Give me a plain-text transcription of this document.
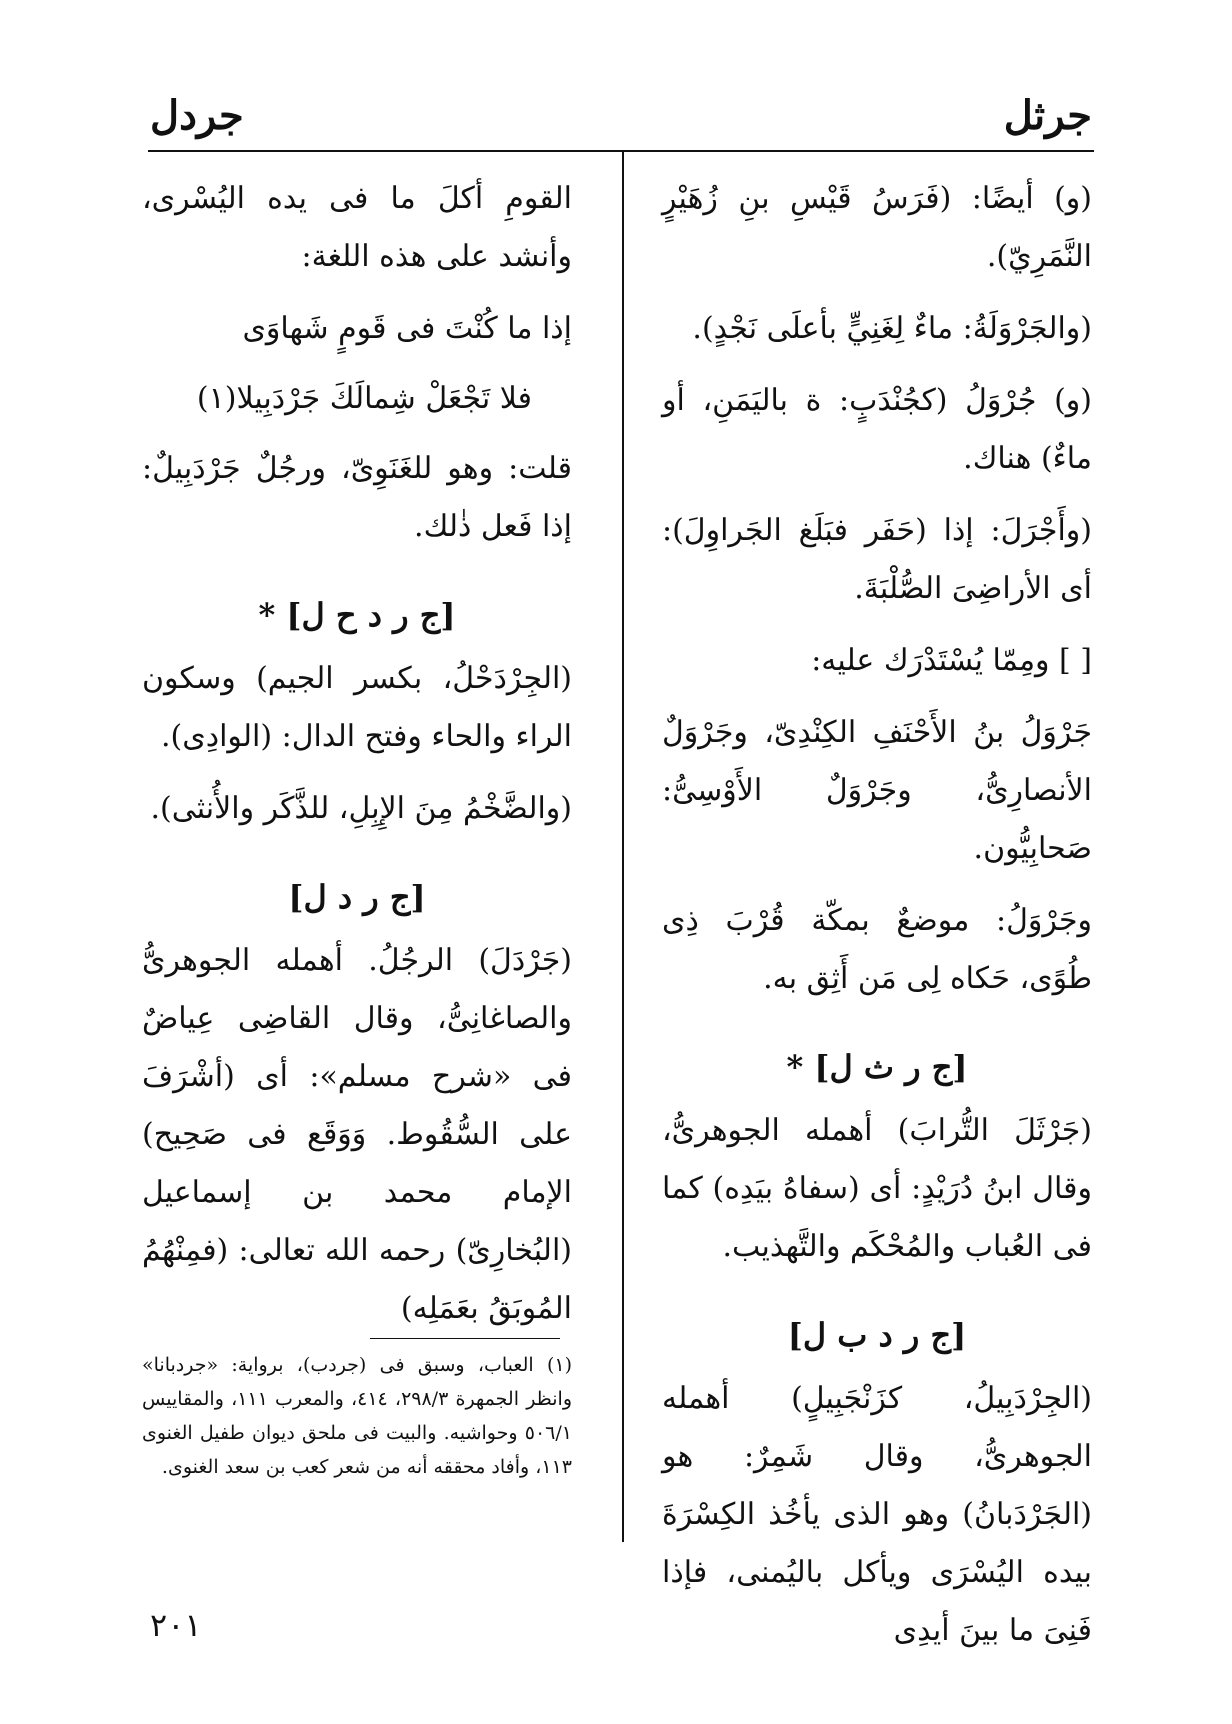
جرثل
جردل

(و) أيضًا: (فَرَسُ قَيْسِ بنِ زُهَيْرٍ النَّمَرِيّ).

(والجَرْوَلَةُ: ماءٌ لِغَنِيٍّ بأعلَى نَجْدٍ).

(و) جُرْوَلُ (كجُنْدَبٍ: ة باليَمَنِ، أو ماءٌ) هناك.

(وأَجْرَلَ: إذا (حَفَر فبَلَغ الجَراوِلَ): أى الأراضِىَ الصُّلْبَةَ.

[ ] ومِمّا يُسْتَدْرَك عليه:

جَرْوَلُ بنُ الأَحْنَفِ الكِنْدِىّ، وجَرْوَلٌ الأنصارِىُّ، وجَرْوَلٌ الأَوْسِىُّ: صَحابِيُّون.

وجَرْوَلُ: موضعٌ بمكّة قُرْبَ ذِى طُوًى، حَكاه لِى مَن أَثِق به.

[ج ر ث ل] *

(جَرْثَلَ التُّرابَ) أهمله الجوهرىُّ، وقال ابنُ دُرَيْدٍ: أى (سفاهُ بيَدِه) كما فى العُباب والمُحْكَم والتَّهذيب.

[ج ر د ب ل]

(الجِرْدَبِيلُ، كزَنْجَبِيلٍ) أهمله الجوهرىُّ، وقال شَمِرٌ: هو (الجَرْدَبانُ) وهو الذى يأخُذ الكِسْرَةَ بيده اليُسْرَى ويأكل باليُمنى، فإذا فَنِىَ ما بينَ أيدِى

القومِ أكلَ ما فى يده اليُسْرى، وأنشد على هذه اللغة:

إذا ما كُنْتَ فى قَومٍ شَهاوَى

فلا تَجْعَلْ شِمالَكَ جَرْدَبِيلا(١)

قلت: وهو للغَنَوِىّ، ورجُلٌ جَرْدَبِيلٌ: إذا فَعل ذٰلك.

[ج ر د ح ل] *

(الجِرْدَحْلُ، بكسر الجيم) وسكون الراء والحاء وفتح الدال: (الوادِى).

(والضَّخْمُ مِنَ الإِبِلِ، للذَّكَر والأُنثى).

[ج ر د ل]

(جَرْدَلَ) الرجُلُ. أهمله الجوهرىُّ والصاغانِىُّ، وقال القاضِى عِياضٌ فى «شرح مسلم»: أى (أشْرَفَ على السُّقُوط. وَوَقَع فى صَحِيح) الإمام محمد بن إسماعيل (البُخارِىّ) رحمه الله تعالى: (فمِنْهُمُ المُوبَقُ بعَمَلِه)

(١) العباب، وسبق فى (جردب)، برواية: «جردبانا» وانظر الجمهرة ٢٩٨/٣، ٤١٤، والمعرب ١١١، والمقاييس ٥٠٦/١ وحواشيه. والبيت فى ملحق ديوان طفيل الغنوى ١١٣، وأفاد محققه أنه من شعر كعب بن سعد الغنوى.
٢٠١
